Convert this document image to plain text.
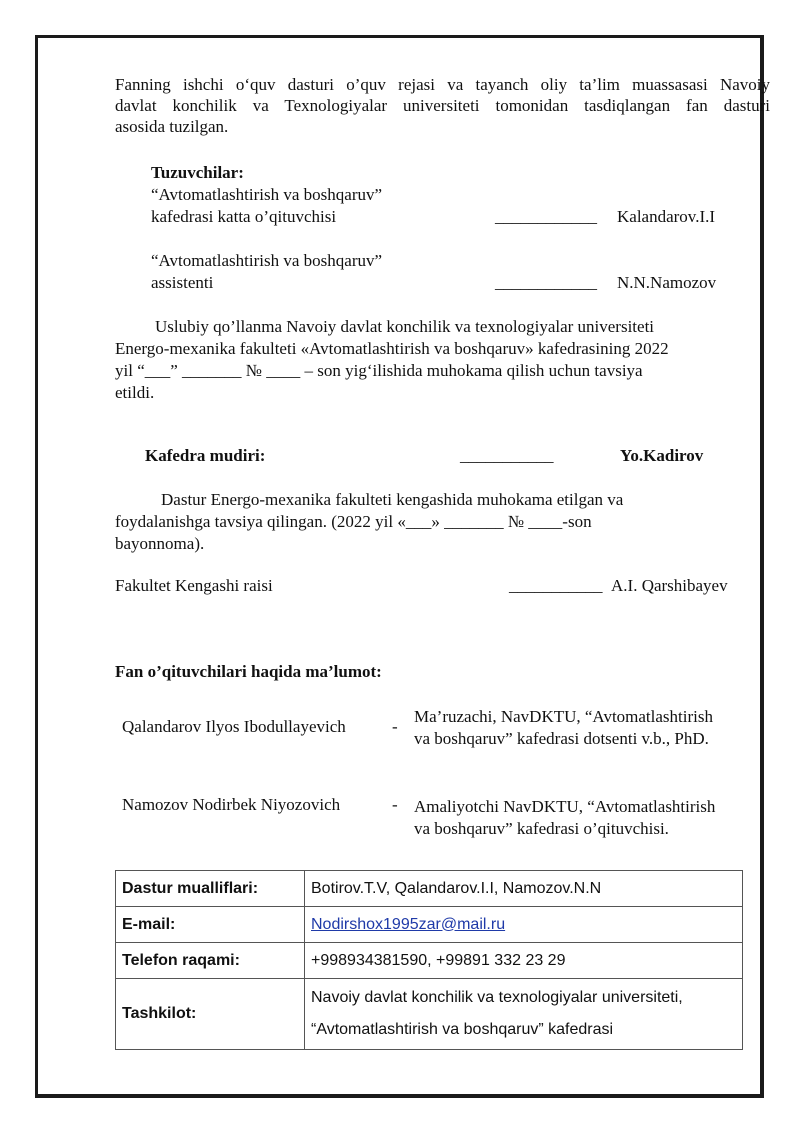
Fanning ishchi o‘quv dasturi o’quv rejasi va tayanch oliy ta’lim muassasasi Navoiy
davlat konchilik va Texnologiyalar universiteti tomonidan tasdiqlangan fan dasturi
asosida tuzilgan.
Tuzuvchilar:
“Avtomatlashtirish va boshqaruv”
kafedrasi katta o’qituvchisi	____________ Kalandarov.I.I
“Avtomatlashtirish va boshqaruv”
assistenti	____________ N.N.Namozov
Uslubiy qo’llanma Navoiy davlat konchilik va texnologiyalar universiteti
Energo-mexanika fakulteti «Avtomatlashtirish va boshqaruv» kafedrasining 2022
yil “___” _______ № ____ – son yig‘ilishida muhokama qilish uchun tavsiya
etildi.
Kafedra mudiri:	___________	Yo.Kadirov
Dastur Energo-mexanika fakulteti kengashida muhokama etilgan va
foydalanishga tavsiya qilingan. (2022 yil «___» _______ № ____-son
bayonnoma).
Fakultet Kengashi raisi	___________ A.I. Qarshibayev
Fan o’qituvchilari haqida ma’lumot:
Qalandarov Ilyos Ibodullayevich	-
Ma’ruzachi, NavDKTU, “Avtomatlashtirish
va boshqaruv” kafedrasi dotsenti v.b., PhD.
Namozov Nodirbek Niyozovich	- Amaliyotchi NavDKTU, “Avtomatlashtirish
va boshqaruv” kafedrasi o’qituvchisi.
Dastur mualliflari:	Botirov.T.V, Qalandarov.I.I, Namozov.N.N
E-mail:	Nodirshox1995zar@mail.ru
Telefon raqami:	+998934381590, +99891 332 23 29
Tashkilot:	Navoiy davlat konchilik va texnologiyalar universiteti,
“Avtomatlashtirish va boshqaruv” kafedrasi
